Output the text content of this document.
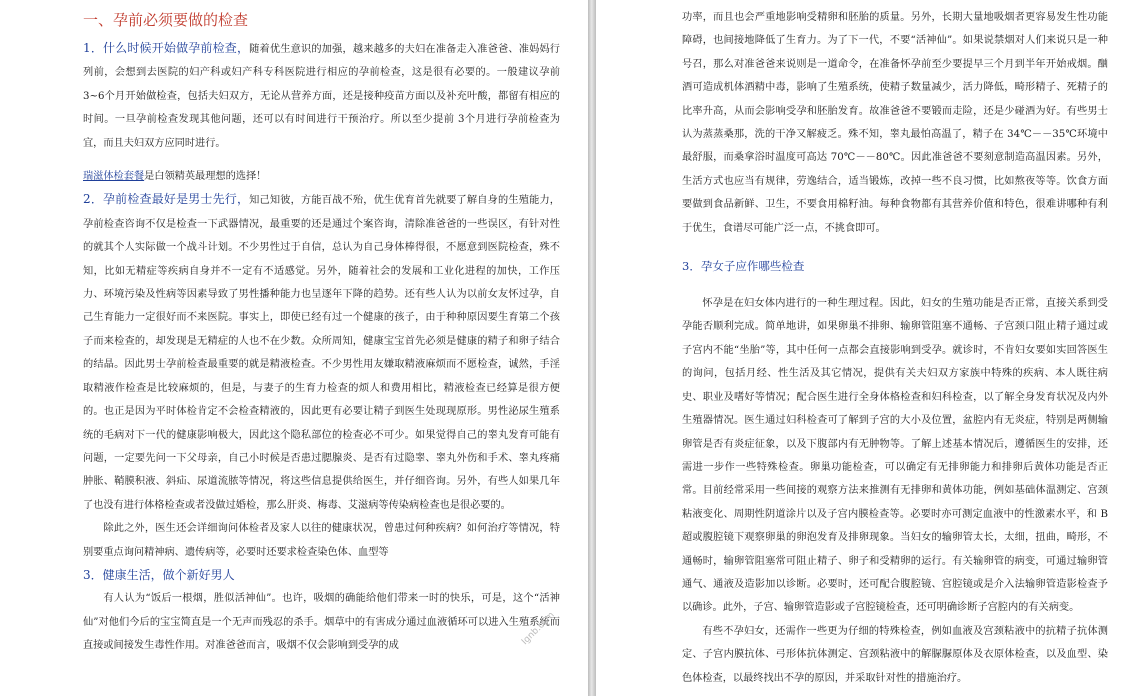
一、孕前必须要做的检查

1．什么时候开始做孕前检查，随着优生意识的加强，越来越多的夫妇在准备走入准爸爸、准妈妈行列前，会想到去医院的妇产科或妇产科专科医院进行相应的孕前检查，这是很有必要的。一般建议孕前 3~6个月开始做检查，包括夫妇双方，无论从营养方面，还是接种疫苗方面以及补充叶酸，都留有相应的时间。一旦孕前检查发现其他问题，还可以有时间进行干预治疗。所以至少提前 3个月进行孕前检查为宜，而且夫妇双方应同时进行。

瑞滋体检套餐是白领精英最理想的选择！

2．孕前检查最好是男士先行，知己知彼，方能百战不殆，优生优育首先就要了解自身的生殖能力，孕前检查咨询不仅是检查一下武器情况，最重要的还是通过个案咨询，清除准爸爸的一些误区，有针对性的就其个人实际做一个战斗计划。不少男性过于自信，总认为自己身体棒得很，不愿意到医院检查，殊不知，比如无精症等疾病自身并不一定有不适感觉。另外，随着社会的发展和工业化进程的加快，工作压力、环境污染及性病等因素导致了男性播种能力也呈逐年下降的趋势。还有些人认为以前女友怀过孕，自己生育能力一定很好而不来医院。事实上，即使已经有过一个健康的孩子，由于种种原因要生育第二个孩子而来检查的，却发现是无精症的人也不在少数。众所周知，健康宝宝首先必须是健康的精子和卵子结合的结晶。因此男士孕前检查最重要的就是精液检查。不少男性用友嫌取精液麻烦而不愿检查，诚然，手淫取精液作检查是比较麻烦的，但是，与妻子的生育力检查的烦人和费用相比，精液检查已经算是很方便的。也正是因为平时体检肯定不会检查精液的，因此更有必要让精子到医生处现现原形。男性泌尿生殖系统的毛病对下一代的健康影响极大，因此这个隐私部位的检查必不可少。如果觉得自己的睾丸发育可能有问题，一定要先问一下父母亲，自己小时候是否患过腮腺炎、是否有过隐睾、睾丸外伤和手术、睾丸疼痛肿胀、鞘膜积液、斜疝、尿道流脓等情况，将这些信息提供给医生，并仔细咨询。另外，有些人如果几年了也没有进行体格检查或者没做过婚检，那么肝炎、梅毒、艾滋病等传染病检查也是很必要的。

除此之外，医生还会详细询问体检者及家人以往的健康状况，曾患过何种疾病？如何治疗等情况，特别要重点询问精神病、遗传病等，必要时还要求检查染色体、血型等

3．健康生活，做个新好男人

有人认为“饭后一根烟，胜似活神仙”。也许，吸烟的确能给他们带来一时的快乐，可是，这个“活神仙”对他们今后的宝宝简直是一个无声而残忍的杀手。烟草中的有害成分通过血液循环可以进入生殖系统而直接或间接发生毒性作用。对准爸爸而言，吸烟不仅会影响到受孕的成

功率，而且也会严重地影响受精卵和胚胎的质量。另外，长期大量地吸烟者更容易发生性功能障碍，也间接地降低了生育力。为了下一代，不要“活神仙”。如果说禁烟对人们来说只是一种号召，那么对准爸爸来说则是一道命令，在准备怀孕前至少要提早三个月到半年开始戒烟。酗酒可造成机体酒精中毒，影响了生殖系统，使精子数量减少，活力降低，畸形精子、死精子的比率升高，从而会影响受孕和胚胎发育。故准爸爸不要锻而走险，还是少碰酒为好。有些男士认为蒸蒸桑那，洗的干净又解疲乏。殊不知，睾丸最怕高温了，精子在 34℃－－35℃环境中最舒服，而桑拿浴时温度可高达 70℃－－80℃。因此准爸爸不要刻意制造高温因素。另外，生活方式也应当有规律，劳逸结合，适当锻炼，改掉一些不良习惯，比如熬夜等等。饮食方面要做到食品新鲜、卫生，不要食用棉籽油。每种食物都有其营养价值和特色，很难讲哪种有利于优生，食谱尽可能广泛一点，不挑食即可。

3．孕女子应作哪些检查

怀孕是在妇女体内进行的一种生理过程。因此，妇女的生殖功能是否正常，直接关系到受孕能否顺利完成。简单地讲，如果卵巢不排卵、输卵管阻塞不通畅、子宫颈口阻止精子通过或子宫内不能“坐胎”等，其中任何一点都会直接影响到受孕。就诊时，不肯妇女要如实回答医生的询问，包括月经、性生活及其它情况，提供有关夫妇双方家族中特殊的疾病、本人既往病史、职业及嗜好等情况；配合医生进行全身体格检查和妇科检查，以了解全身发育状况及内外生殖器情况。医生通过妇科检查可了解到子宫的大小及位置，盆腔内有无炎症，特别是两侧输卵管是否有炎症征象，以及下腹部内有无肿物等。了解上述基本情况后，遵循医生的安排，还需进一步作一些特殊检查。卵巢功能检查，可以确定有无排卵能力和排卵后黄体功能是否正常。目前经常采用一些间接的观察方法来推测有无排卵和黄体功能，例如基础体温测定、宫颈粘液变化、周期性阴道涂片以及子宫内膜检查等。必要时亦可测定血液中的性激素水平，和 B超或腹腔镜下观察卵巢的卵泡发育及排卵现象。当妇女的输卵管太长，太细，扭曲，畸形，不通畅时，输卵管阻塞常可阻止精子、卵子和受精卵的运行。有关输卵管的病变，可通过输卵管通气、通液及造影加以诊断。必要时，还可配合腹腔镜、宫腔镜或是介入法输卵管造影检查予以确诊。此外，子宫、输卵管造影或子宫腔镜检查，还可明确诊断子宫腔内的有关病变。

有些不孕妇女，还需作一些更为仔细的特殊检查，例如血液及宫颈粘液中的抗精子抗体测定、子宫内膜抗体、弓形体抗体测定、宫颈粘液中的解脲脲原体及衣原体检查，以及血型、染色体检查，以最终找出不孕的原因，并采取针对性的措施治疗。

Ignb.com
